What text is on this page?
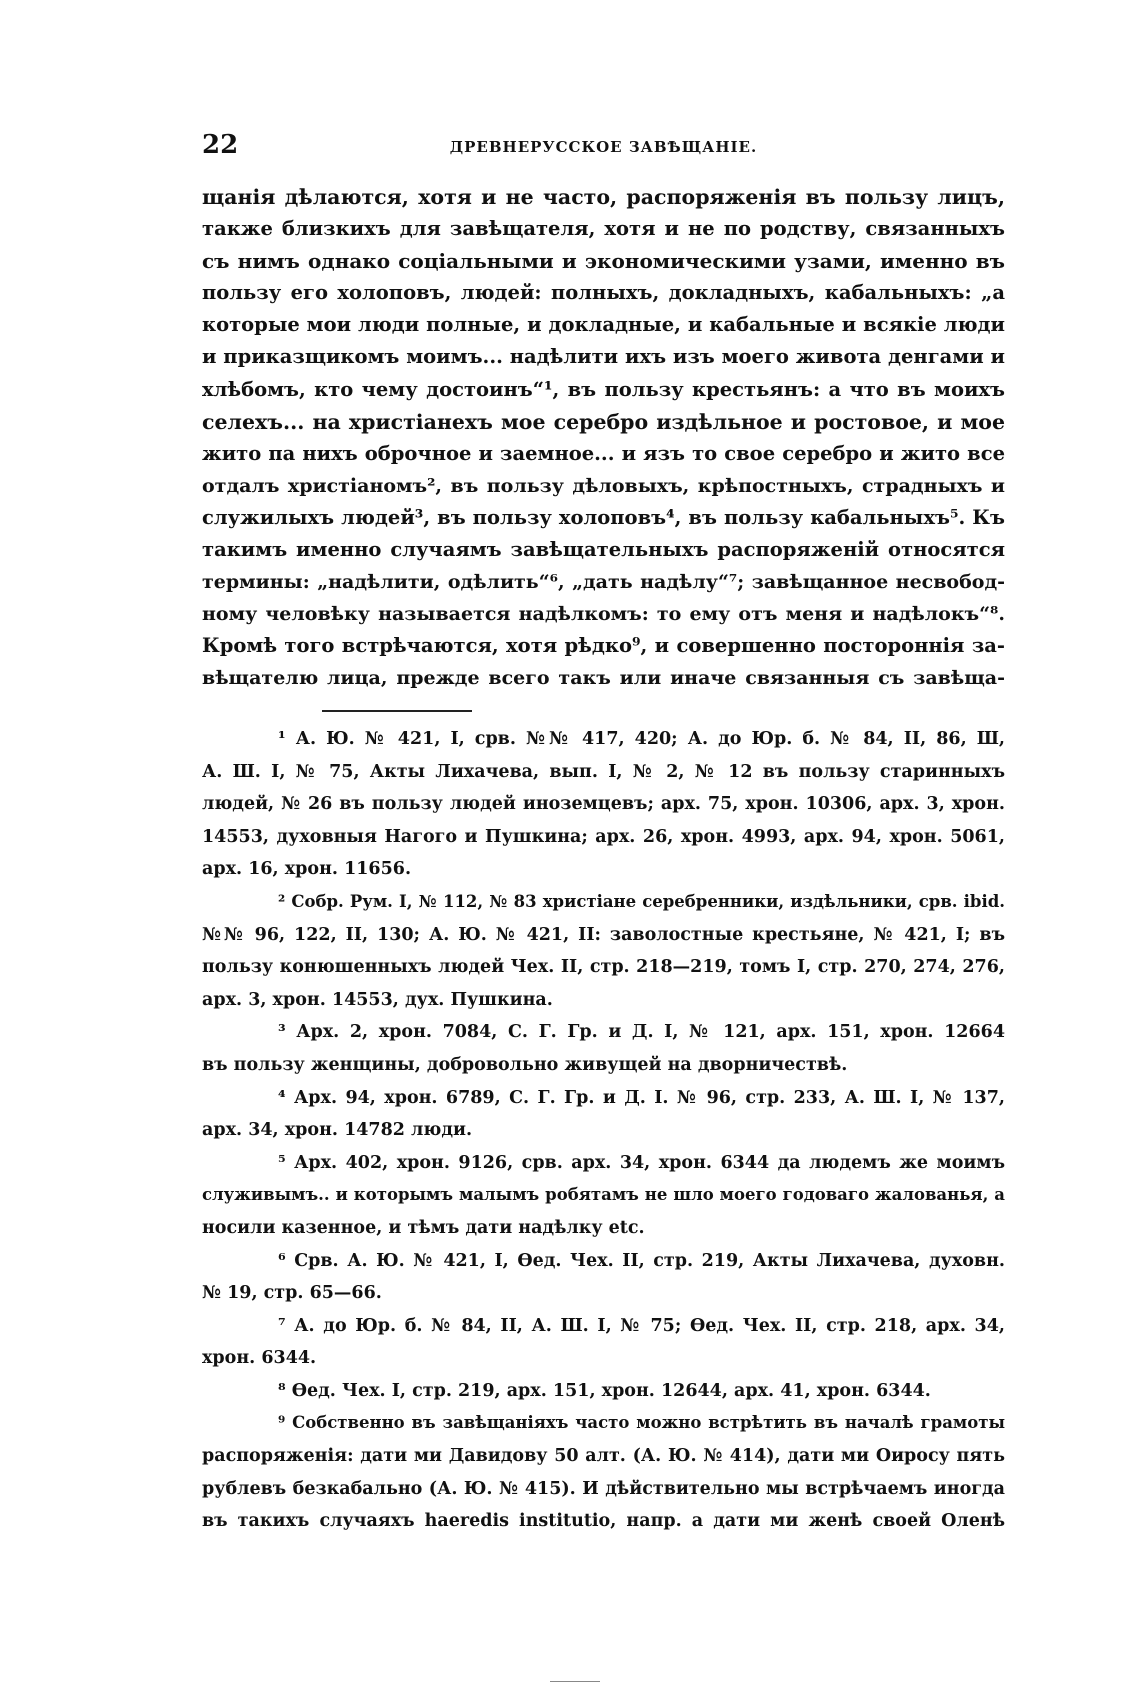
22	ДРЕВНЕРУССКОЕ ЗАВѢЩАНІЕ.
щанія дѣлаются, хотя и не часто, распоряженія въ пользу лицъ,
также близкихъ для завѣщателя, хотя и не по родству, связанныхъ
съ нимъ однако соціальными и экономическими узами, именно въ
пользу его холоповъ, людей: полныхъ, докладныхъ, кабальныхъ: „а
которые мои люди полные, и докладные, и кабальные и всякіе люди
и приказщикомъ моимъ... надѣлити ихъ изъ моего живота денгами и
хлѣбомъ, кто чему достоинъ“¹, въ пользу крестьянъ: а что въ моихъ
селехъ... на христіанехъ мое серебро издѣльное и ростовое, и мое
жито па нихъ оброчное и заемное... и язъ то свое серебро и жито все
отдалъ христіаномъ², въ пользу дѣловыхъ, крѣпостныхъ, страдныхъ и
служилыхъ людей³, въ пользу холоповъ⁴, въ пользу кабальныхъ⁵. Къ
такимъ именно случаямъ завѣщательныхъ распоряженій относятся
термины: „надѣлити, одѣлить“⁶, „дать надѣлу“⁷; завѣщанное несвобод-
ному человѣку называется надѣлкомъ: то ему отъ меня и надѣлокъ“⁸.
Кромѣ того встрѣчаются, хотя рѣдко⁹, и совершенно постороннія за-
вѣщателю лица, прежде всего такъ или иначе связанныя съ завѣща-
¹ А. Ю. № 421, I, срв. №№ 417, 420; А. до Юр. б. № 84, II, 86, Ш,
А. Ш. I, № 75, Акты Лихачева, вып. I, № 2, № 12 въ пользу старинныхъ
людей, № 26 въ пользу людей иноземцевъ; арх. 75, хрон. 10306, арх. 3, хрон.
14553, духовныя Нагого и Пушкина; арх. 26, хрон. 4993, арх. 94, хрон. 5061,
арх. 16, хрон. 11656.
² Собр. Рум. I, № 112, № 83 христiане серебренники, издѣльники, срв. ibid.
№№ 96, 122, II, 130; А. Ю. № 421, II: заволостные крестьяне, № 421, I; въ
пользу конюшенныхъ людей Чех. II, стр. 218—219, томъ I, стр. 270, 274, 276,
арх. 3, хрон. 14553, дух. Пушкина.
³ Арх. 2, хрон. 7084, С. Г. Гр. и Д. I, № 121, арх. 151, хрон. 12664
въ пользу женщины, добровольно живущей на дворничествѣ.
⁴ Арх. 94, хрон. 6789, С. Г. Гр. и Д. I. № 96, стр. 233, А. Ш. I, № 137,
арх. 34, хрон. 14782 люди.
⁵ Арх. 402, хрон. 9126, срв. арх. 34, хрон. 6344 да людемъ же моимъ
служивымъ.. и которымъ малымъ робятамъ не шло моего годоваго жалованья, а
носили казенное, и тѣмъ дати надѣлку etc.
⁶ Срв. А. Ю. № 421, I, Ѳед. Чех. II, стр. 219, Акты Лихачева, духовн.
№ 19, стр. 65—66.
⁷ А. до Юр. б. № 84, II, А. Ш. I, № 75; Ѳед. Чех. II, стр. 218, арх. 34,
хрон. 6344.
⁸ Ѳед. Чех. I, стр. 219, арх. 151, хрон. 12644, арх. 41, хрон. 6344.
⁹ Собственно въ завѣщаніяхъ часто можно встрѣтить въ началѣ грамоты
распоряженія: дати ми Давидову 50 алт. (А. Ю. № 414), дати ми Оиросу пять
рублевъ безкабально (А. Ю. № 415). И дѣйствительно мы встрѣчаемъ иногда
въ такихъ случаяхъ haeredis institutio, напр. а дати ми женѣ своей Оленѣ
